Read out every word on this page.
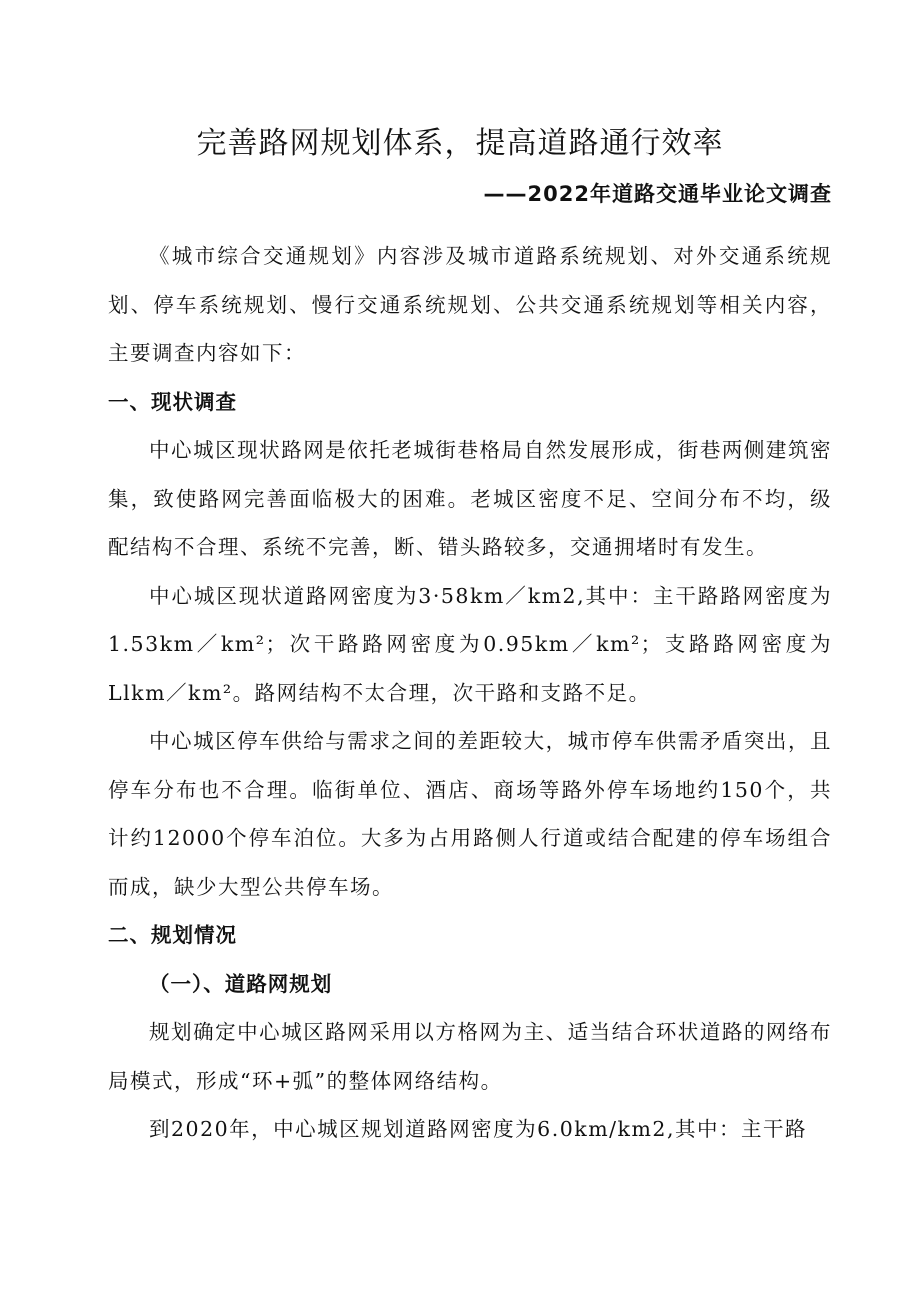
完善路网规划体系，提高道路通行效率
——2022年道路交通毕业论文调查

《城市综合交通规划》内容涉及城市道路系统规划、对外交通系统规划、停车系统规划、慢行交通系统规划、公共交通系统规划等相关内容，主要调查内容如下：

一、现状调查

中心城区现状路网是依托老城街巷格局自然发展形成，街巷两侧建筑密集，致使路网完善面临极大的困难。老城区密度不足、空间分布不均，级配结构不合理、系统不完善，断、错头路较多，交通拥堵时有发生。

中心城区现状道路网密度为3·58km／km2,其中：主干路路网密度为1.53km／km²；次干路路网密度为0.95km／km²；支路路网密度为Llkm／km²。路网结构不太合理，次干路和支路不足。

中心城区停车供给与需求之间的差距较大，城市停车供需矛盾突出，且停车分布也不合理。临街单位、酒店、商场等路外停车场地约150个，共计约12000个停车泊位。大多为占用路侧人行道或结合配建的停车场组合而成，缺少大型公共停车场。

二、规划情况

（一）、道路网规划

规划确定中心城区路网采用以方格网为主、适当结合环状道路的网络布局模式，形成“环+弧”的整体网络结构。

到2020年，中心城区规划道路网密度为6.0km/km2,其中：主干路
